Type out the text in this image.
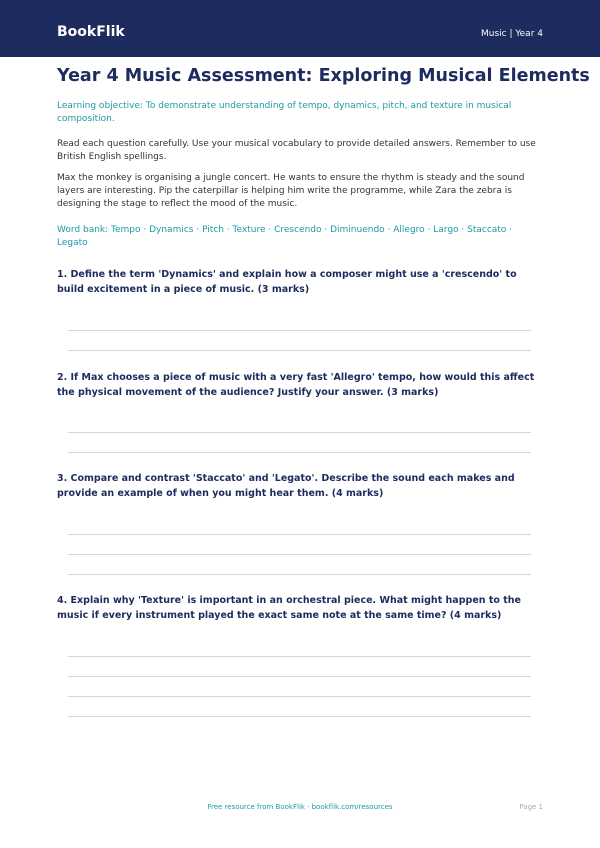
BookFlik	Music | Year 4
Year 4 Music Assessment: Exploring Musical Elements

Learning objective: To demonstrate understanding of tempo, dynamics, pitch, and texture in musical composition.

Read each question carefully. Use your musical vocabulary to provide detailed answers. Remember to use British English spellings.

Max the monkey is organising a jungle concert. He wants to ensure the rhythm is steady and the sound layers are interesting. Pip the caterpillar is helping him write the programme, while Zara the zebra is designing the stage to reflect the mood of the music.

Word bank: Tempo · Dynamics · Pitch · Texture · Crescendo · Diminuendo · Allegro · Largo · Staccato · Legato

1. Define the term 'Dynamics' and explain how a composer might use a 'crescendo' to build excitement in a piece of music. (3 marks)

2. If Max chooses a piece of music with a very fast 'Allegro' tempo, how would this affect the physical movement of the audience? Justify your answer. (3 marks)

3. Compare and contrast 'Staccato' and 'Legato'. Describe the sound each makes and provide an example of when you might hear them. (4 marks)

4. Explain why 'Texture' is important in an orchestral piece. What might happen to the music if every instrument played the exact same note at the same time? (4 marks)

Free resource from BookFlik · bookflik.com/resources	Page 1
